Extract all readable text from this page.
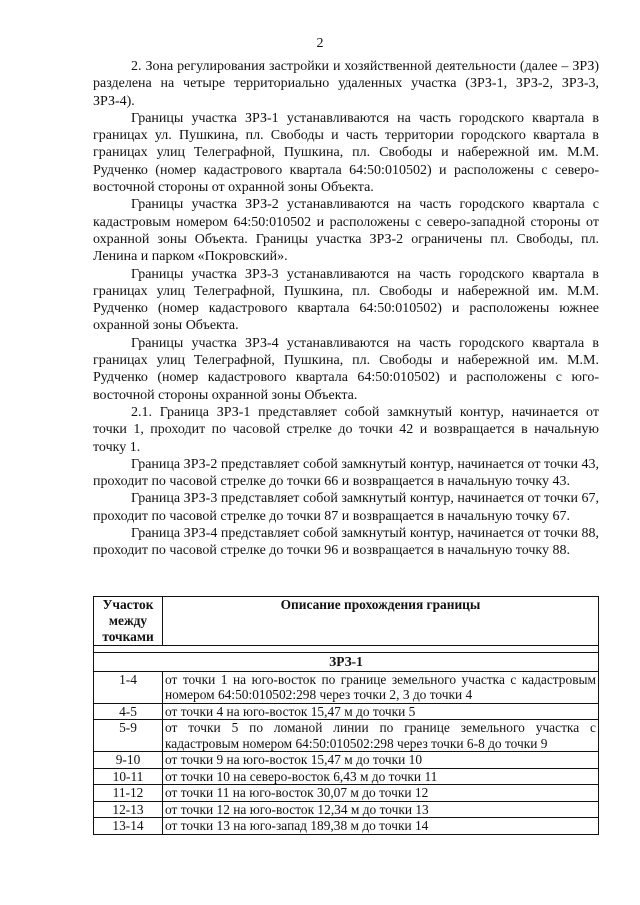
2

2. Зона регулирования застройки и хозяйственной деятельности (далее – ЗРЗ) разделена на четыре территориально удаленных участка (ЗРЗ-1, ЗРЗ-2, ЗРЗ-3, ЗРЗ-4).

Границы участка ЗРЗ-1 устанавливаются на часть городского квартала в границах ул. Пушкина, пл. Свободы и часть территории городского квартала в границах улиц Телеграфной, Пушкина, пл. Свободы и набережной им. М.М. Рудченко (номер кадастрового квартала 64:50:010502) и расположены с северо-восточной стороны от охранной зоны Объекта.

Границы участка ЗРЗ-2 устанавливаются на часть городского квартала с кадастровым номером 64:50:010502 и расположены с северо-западной стороны от охранной зоны Объекта. Границы участка ЗРЗ-2 ограничены пл. Свободы, пл. Ленина и парком «Покровский».

Границы участка ЗРЗ-3 устанавливаются на часть городского квартала в границах улиц Телеграфной, Пушкина, пл. Свободы и набережной им. М.М. Рудченко (номер кадастрового квартала 64:50:010502) и расположены южнее охранной зоны Объекта.

Границы участка ЗРЗ-4 устанавливаются на часть городского квартала в границах улиц Телеграфной, Пушкина, пл. Свободы и набережной им. М.М. Рудченко (номер кадастрового квартала 64:50:010502) и расположены с юго-восточной стороны охранной зоны Объекта.

2.1. Граница ЗРЗ-1 представляет собой замкнутый контур, начинается от точки 1, проходит по часовой стрелке до точки 42 и возвращается в начальную точку 1.

Граница ЗРЗ-2 представляет собой замкнутый контур, начинается от точки 43, проходит по часовой стрелке до точки 66 и возвращается в начальную точку 43.

Граница ЗРЗ-3 представляет собой замкнутый контур, начинается от точки 67, проходит по часовой стрелке до точки 87 и возвращается в начальную точку 67.

Граница ЗРЗ-4 представляет собой замкнутый контур, начинается от точки 88, проходит по часовой стрелке до точки 96 и возвращается в начальную точку 88.

Участок между точками	Описание прохождения границы

ЗРЗ-1	
1-4	от точки 1 на юго-восток по границе земельного участка с кадастровым номером 64:50:010502:298 через точки 2, 3 до точки 4
4-5	от точки 4 на юго-восток 15,47 м до точки 5
5-9	от точки 5 по ломаной линии по границе земельного участка с кадастровым номером 64:50:010502:298 через точки 6-8 до точки 9
9-10	от точки 9 на юго-восток 15,47 м до точки 10
10-11	от точки 10 на северо-восток 6,43 м до точки 11
11-12	от точки 11 на юго-восток 30,07 м до точки 12
12-13	от точки 12 на юго-восток 12,34 м до точки 13
13-14	от точки 13 на юго-запад 189,38 м до точки 14
